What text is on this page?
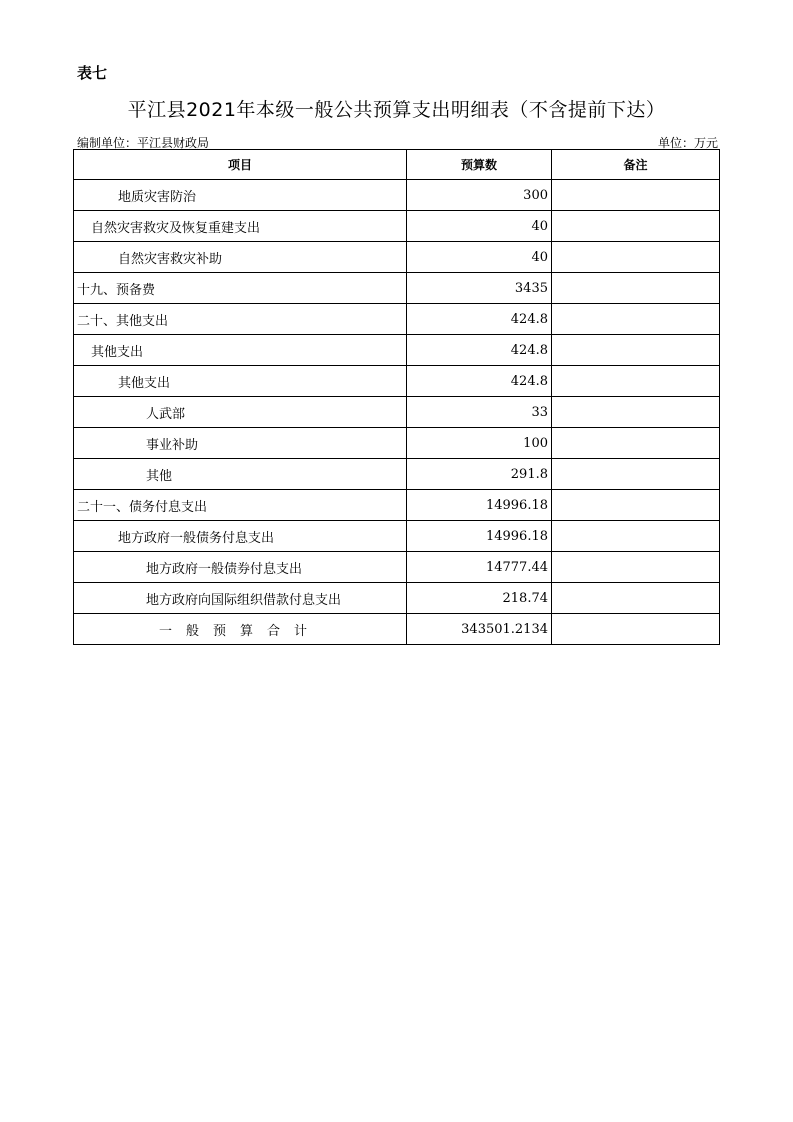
表七
平江县2021年本级一般公共预算支出明细表（不含提前下达）
编制单位：平江县财政局	单位：万元
项目	预算数	备注
地质灾害防治	300	
自然灾害救灾及恢复重建支出	40	
自然灾害救灾补助	40	
十九、预备费	3435	
二十、其他支出	424.8	
其他支出	424.8	
其他支出	424.8	
人武部	33	
事业补助	100	
其他	291.8	
二十一、债务付息支出	14996.18	
地方政府一般债务付息支出	14996.18	
地方政府一般债券付息支出	14777.44	
地方政府向国际组织借款付息支出	218.74	
一般预算合计	343501.2134	
